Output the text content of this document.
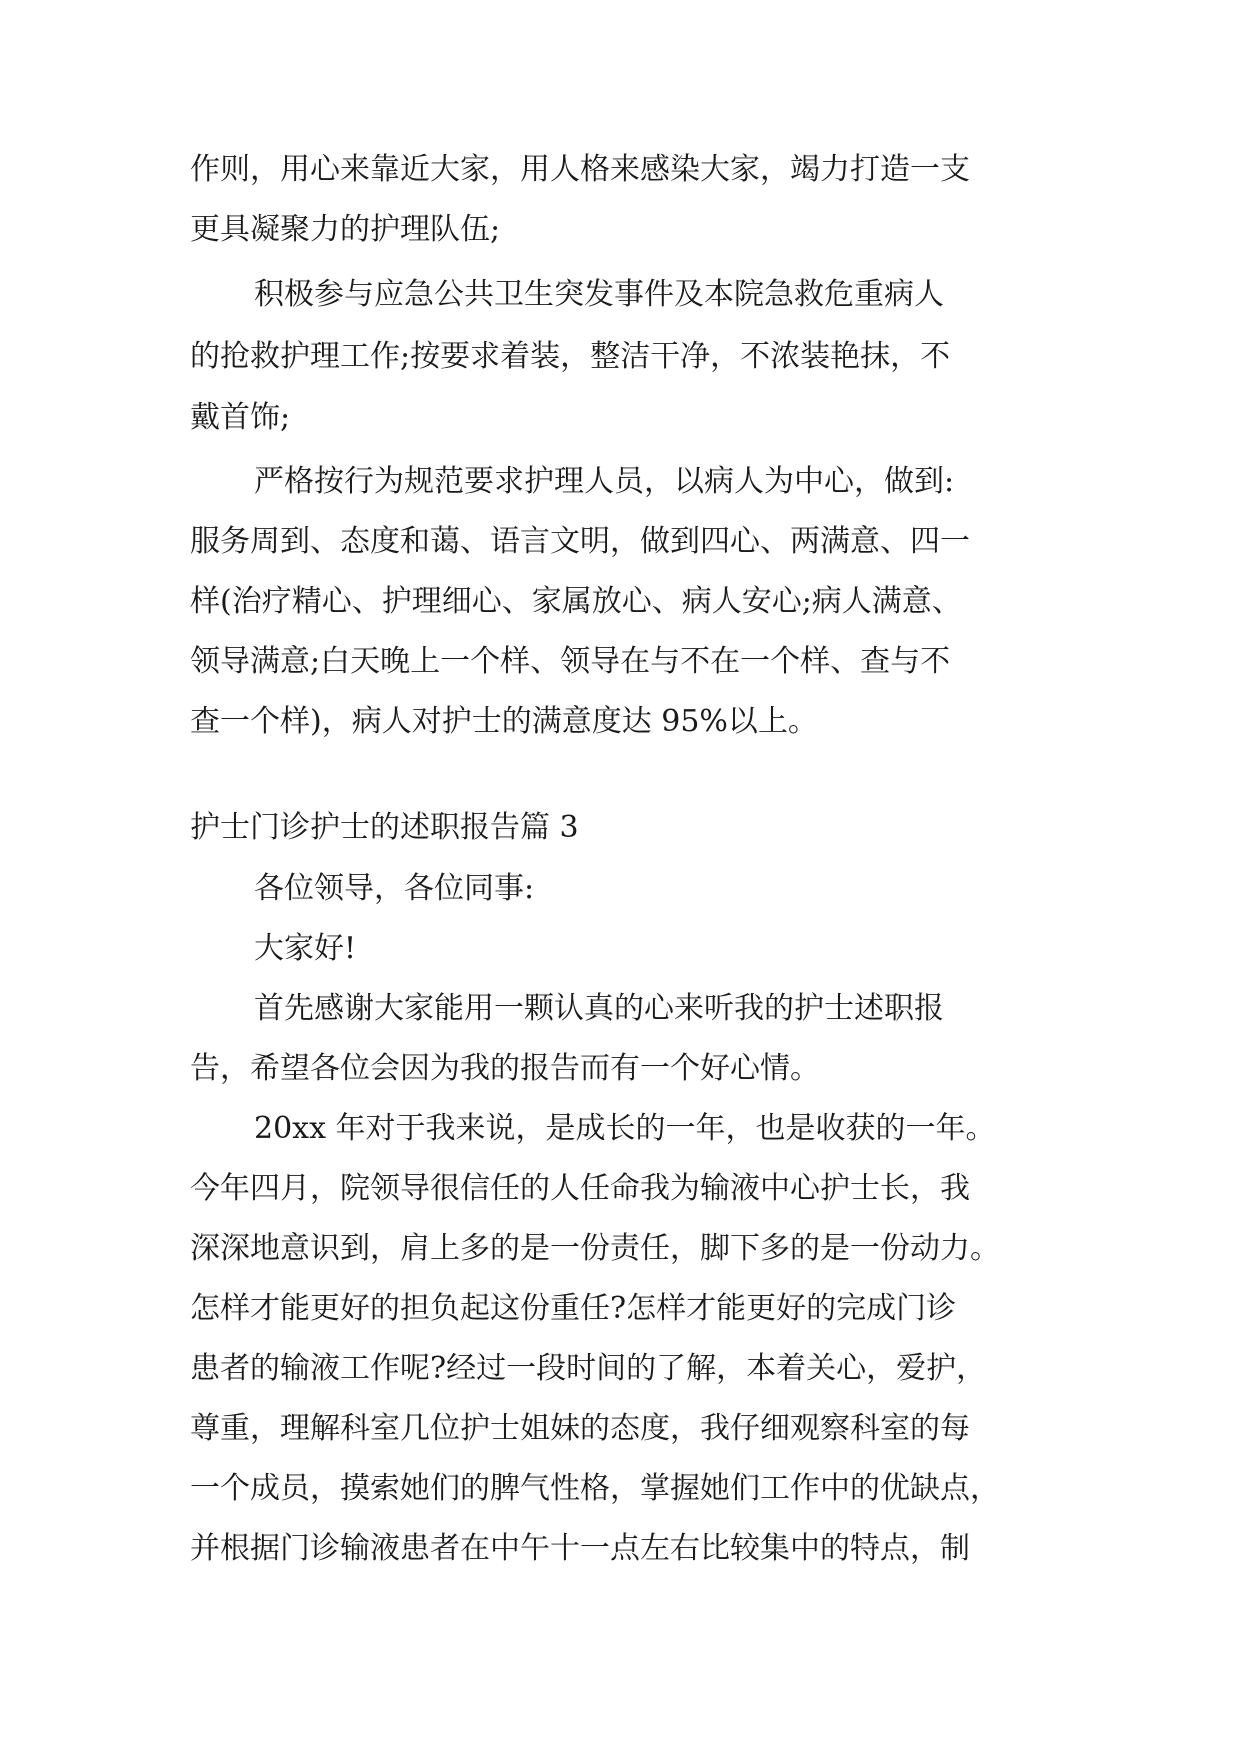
作则，用心来靠近大家，用人格来感染大家，竭力打造一支

更具凝聚力的护理队伍;

积极参与应急公共卫生突发事件及本院急救危重病人

的抢救护理工作;按要求着装，整洁干净，不浓装艳抹，不

戴首饰;

严格按行为规范要求护理人员，以病人为中心，做到:

服务周到、态度和蔼、语言文明，做到四心、两满意、四一

样(治疗精心、护理细心、家属放心、病人安心;病人满意、

领导满意;白天晚上一个样、领导在与不在一个样、查与不

查一个样)，病人对护士的满意度达 95%以上。

护士门诊护士的述职报告篇 3

各位领导，各位同事:

大家好!

首先感谢大家能用一颗认真的心来听我的护士述职报

告，希望各位会因为我的报告而有一个好心情。

20xx 年对于我来说，是成长的一年，也是收获的一年。

今年四月，院领导很信任的人任命我为输液中心护士长，我

深深地意识到，肩上多的是一份责任，脚下多的是一份动力。

怎样才能更好的担负起这份重任?怎样才能更好的完成门诊

患者的输液工作呢?经过一段时间的了解，本着关心，爱护，

尊重，理解科室几位护士姐妹的态度，我仔细观察科室的每

一个成员，摸索她们的脾气性格，掌握她们工作中的优缺点，

并根据门诊输液患者在中午十一点左右比较集中的特点，制
